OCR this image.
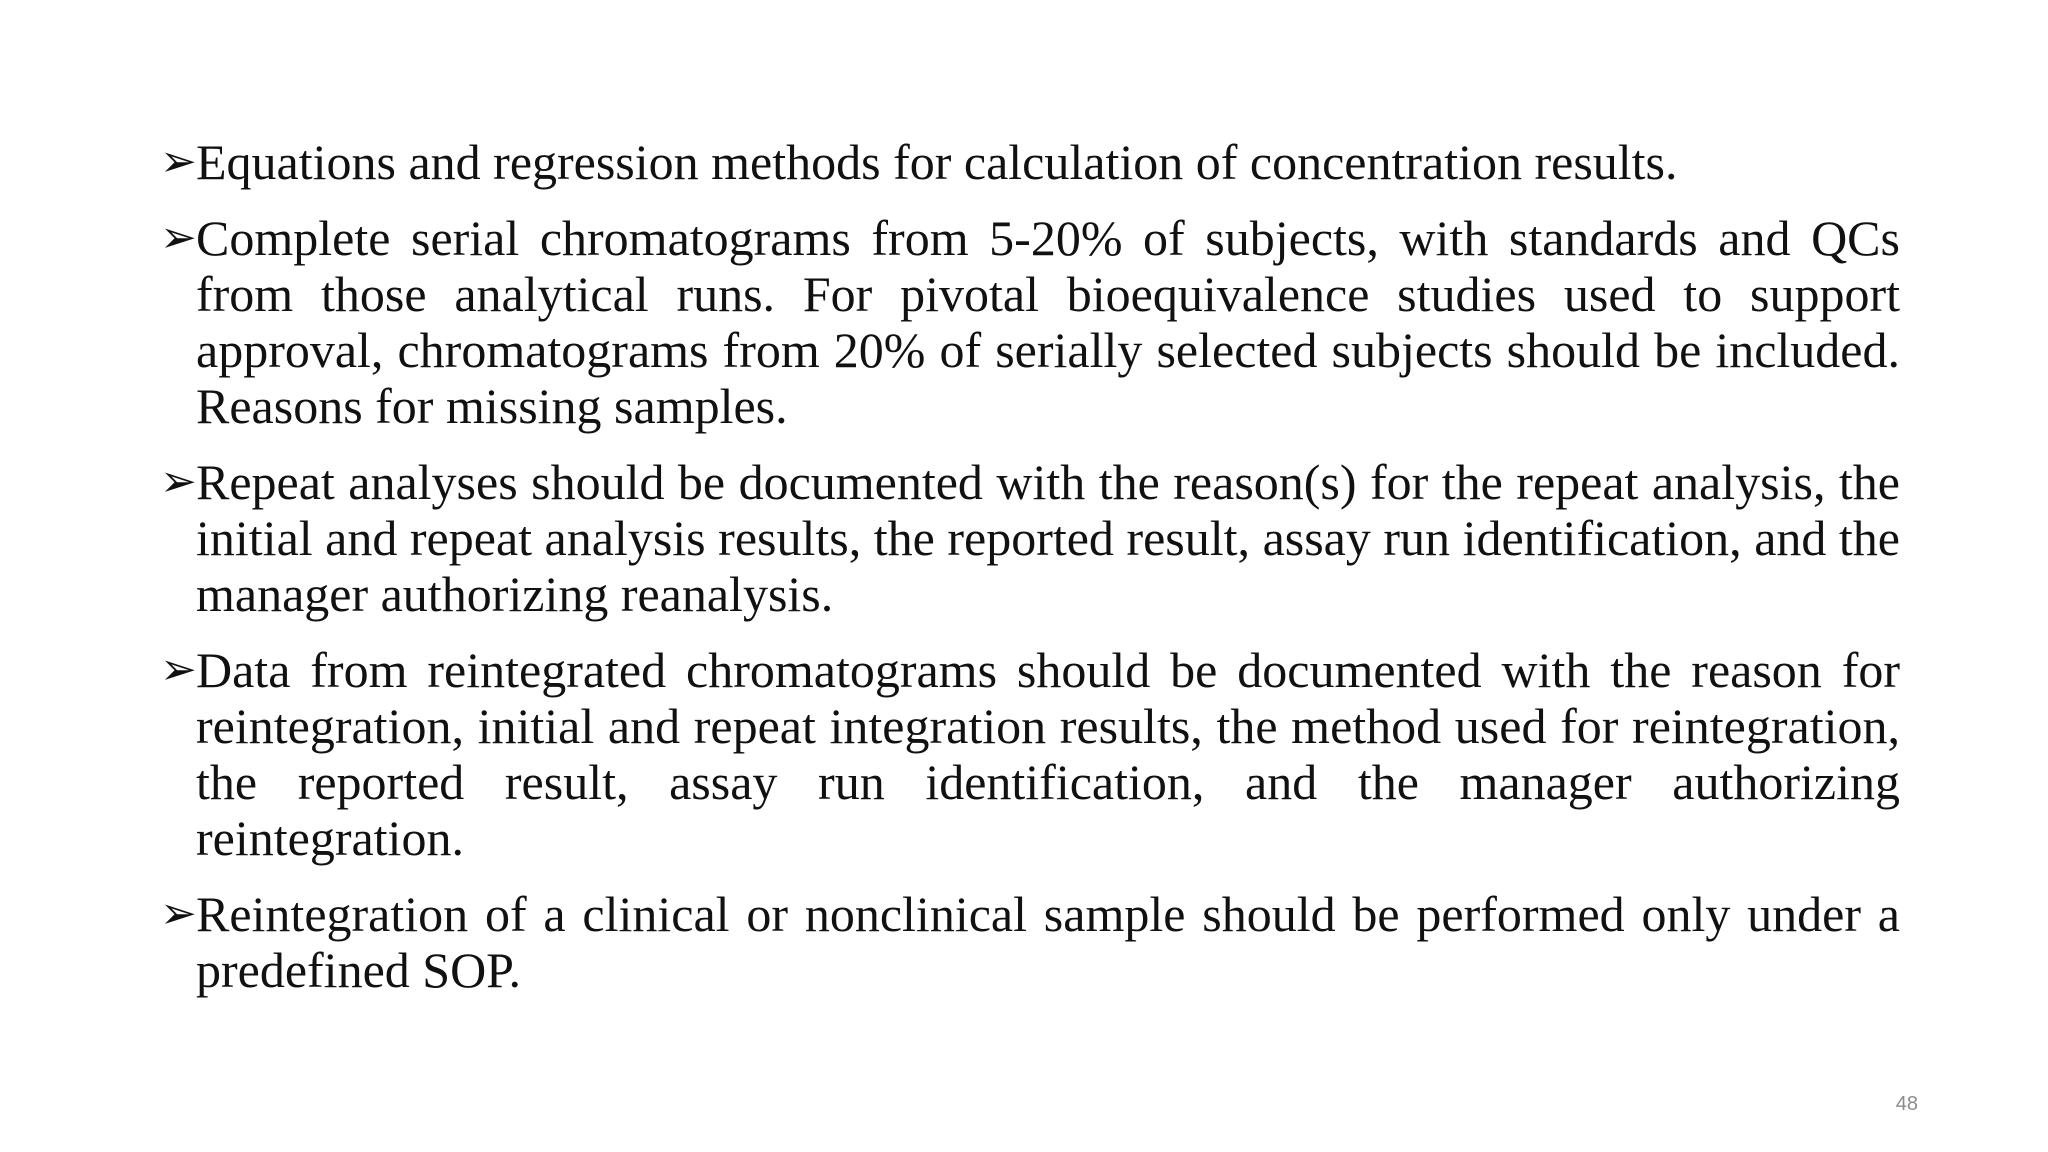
➢ Equations and regression methods for calculation of concentration results.
➢ Complete serial chromatograms from 5-20% of subjects, with standards and QCs from those analytical runs. For pivotal bioequivalence studies used to support approval, chromatograms from 20% of serially selected subjects should be included. Reasons for missing samples.
➢ Repeat analyses should be documented with the reason(s) for the repeat analysis, the initial and repeat analysis results, the reported result, assay run identification, and the manager authorizing reanalysis.
➢ Data from reintegrated chromatograms should be documented with the reason for reintegration, initial and repeat integration results, the method used for reintegration, the reported result, assay run identification, and the manager authorizing reintegration.
➢ Reintegration of a clinical or nonclinical sample should be performed only under a predefined SOP.
48
